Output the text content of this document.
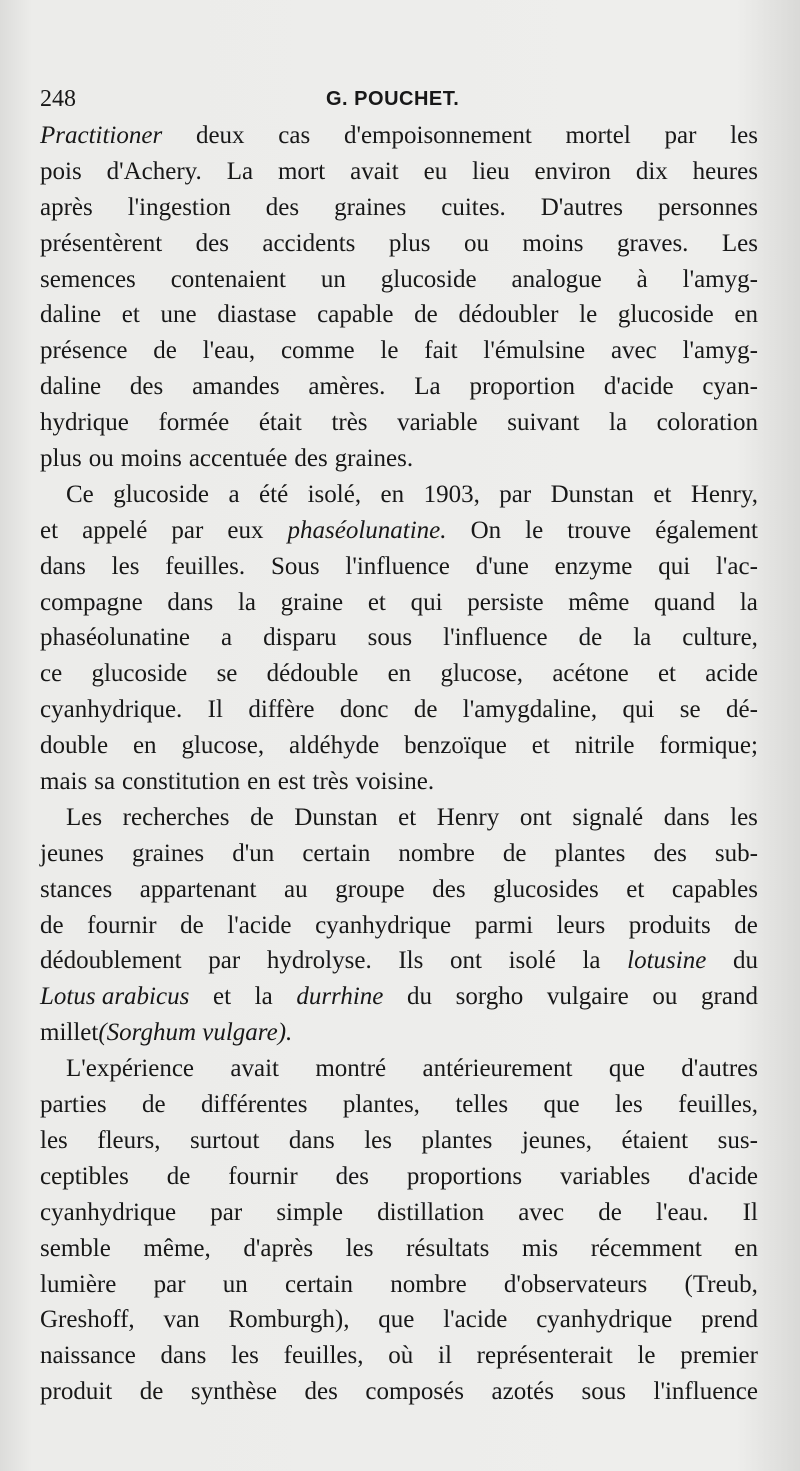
248	G. POUCHET.
Practitioner deux cas d'empoisonnement mortel par les
pois d'Achery. La mort avait eu lieu environ dix heures
après l'ingestion des graines cuites. D'autres personnes
présentèrent des accidents plus ou moins graves. Les
semences contenaient un glucoside analogue à l'amyg-
daline et une diastase capable de dédoubler le glucoside en
présence de l'eau, comme le fait l'émulsine avec l'amyg-
daline des amandes amères. La proportion d'acide cyan-
hydrique formée était très variable suivant la coloration
plus ou moins accentuée des graines.
Ce glucoside a été isolé, en 1903, par Dunstan et Henry,
et appelé par eux phaséolunatine. On le trouve également
dans les feuilles. Sous l'influence d'une enzyme qui l'ac-
compagne dans la graine et qui persiste même quand la
phaséolunatine a disparu sous l'influence de la culture,
ce glucoside se dédouble en glucose, acétone et acide
cyanhydrique. Il diffère donc de l'amygdaline, qui se dé-
double en glucose, aldéhyde benzoïque et nitrile formique;
mais sa constitution en est très voisine.
Les recherches de Dunstan et Henry ont signalé dans les
jeunes graines d'un certain nombre de plantes des sub-
stances appartenant au groupe des glucosides et capables
de fournir de l'acide cyanhydrique parmi leurs produits de
dédoublement par hydrolyse. Ils ont isolé la lotusine du
Lotus arabicus et la durrhine du sorgho vulgaire ou grand
millet (Sorghum vulgare).
L'expérience avait montré antérieurement que d'autres
parties de différentes plantes, telles que les feuilles,
les fleurs, surtout dans les plantes jeunes, étaient sus-
ceptibles de fournir des proportions variables d'acide
cyanhydrique par simple distillation avec de l'eau. Il
semble même, d'après les résultats mis récemment en
lumière par un certain nombre d'observateurs (Treub,
Greshoff, van Romburgh), que l'acide cyanhydrique prend
naissance dans les feuilles, où il représenterait le premier
produit de synthèse des composés azotés sous l'influence
